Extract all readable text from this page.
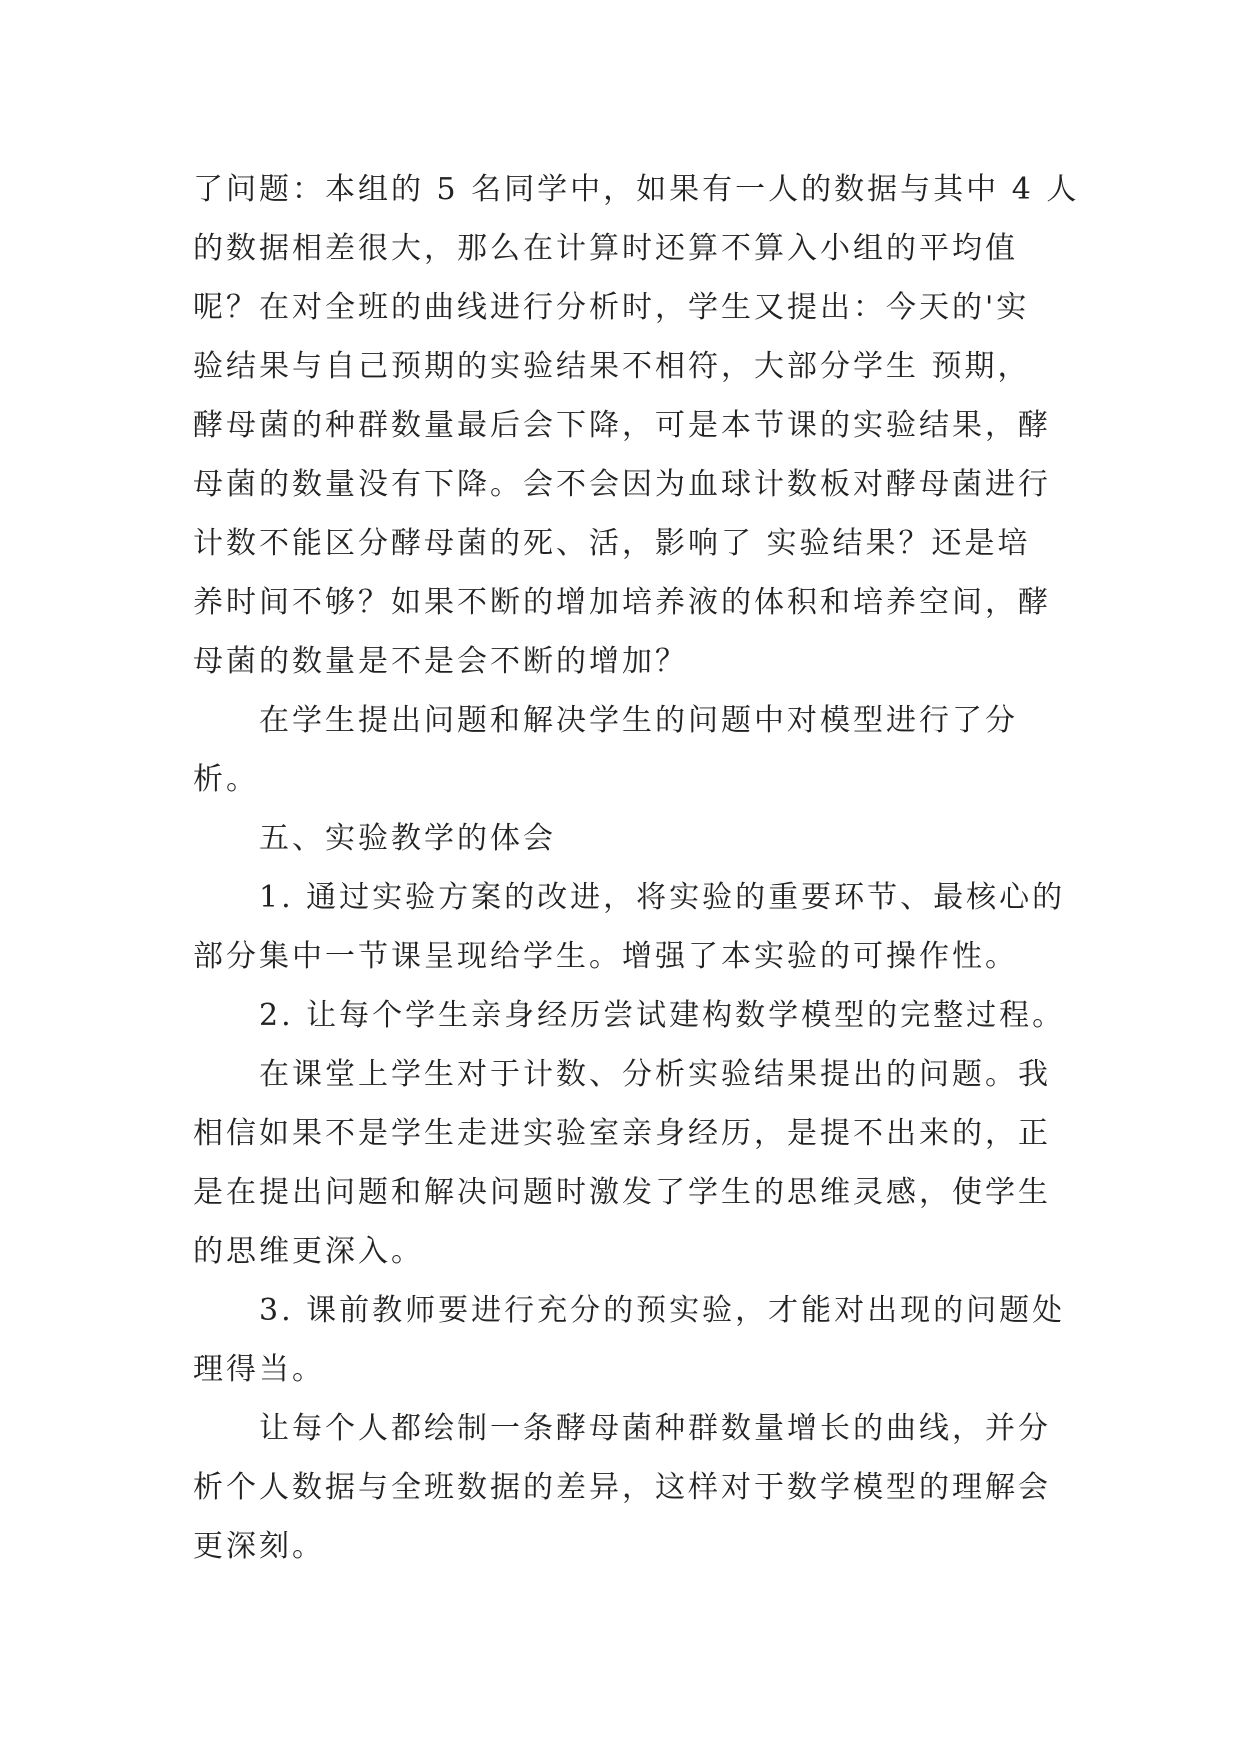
了问题：本组的 5 名同学中，如果有一人的数据与其中 4 人
的数据相差很大，那么在计算时还算不算入小组的平均值
呢？在对全班的曲线进行分析时，学生又提出：今天的'实
验结果与自己预期的实验结果不相符，大部分学生 预期，
酵母菌的种群数量最后会下降，可是本节课的实验结果，酵
母菌的数量没有下降。会不会因为血球计数板对酵母菌进行
计数不能区分酵母菌的死、活，影响了 实验结果？还是培
养时间不够？如果不断的增加培养液的体积和培养空间，酵
母菌的数量是不是会不断的增加？
在学生提出问题和解决学生的问题中对模型进行了分
析。
五、实验教学的体会
1. 通过实验方案的改进，将实验的重要环节、最核心的
部分集中一节课呈现给学生。增强了本实验的可操作性。
2. 让每个学生亲身经历尝试建构数学模型的完整过程。
在课堂上学生对于计数、分析实验结果提出的问题。我
相信如果不是学生走进实验室亲身经历，是提不出来的，正
是在提出问题和解决问题时激发了学生的思维灵感，使学生
的思维更深入。
3. 课前教师要进行充分的预实验，才能对出现的问题处
理得当。
让每个人都绘制一条酵母菌种群数量增长的曲线，并分
析个人数据与全班数据的差异，这样对于数学模型的理解会
更深刻。
